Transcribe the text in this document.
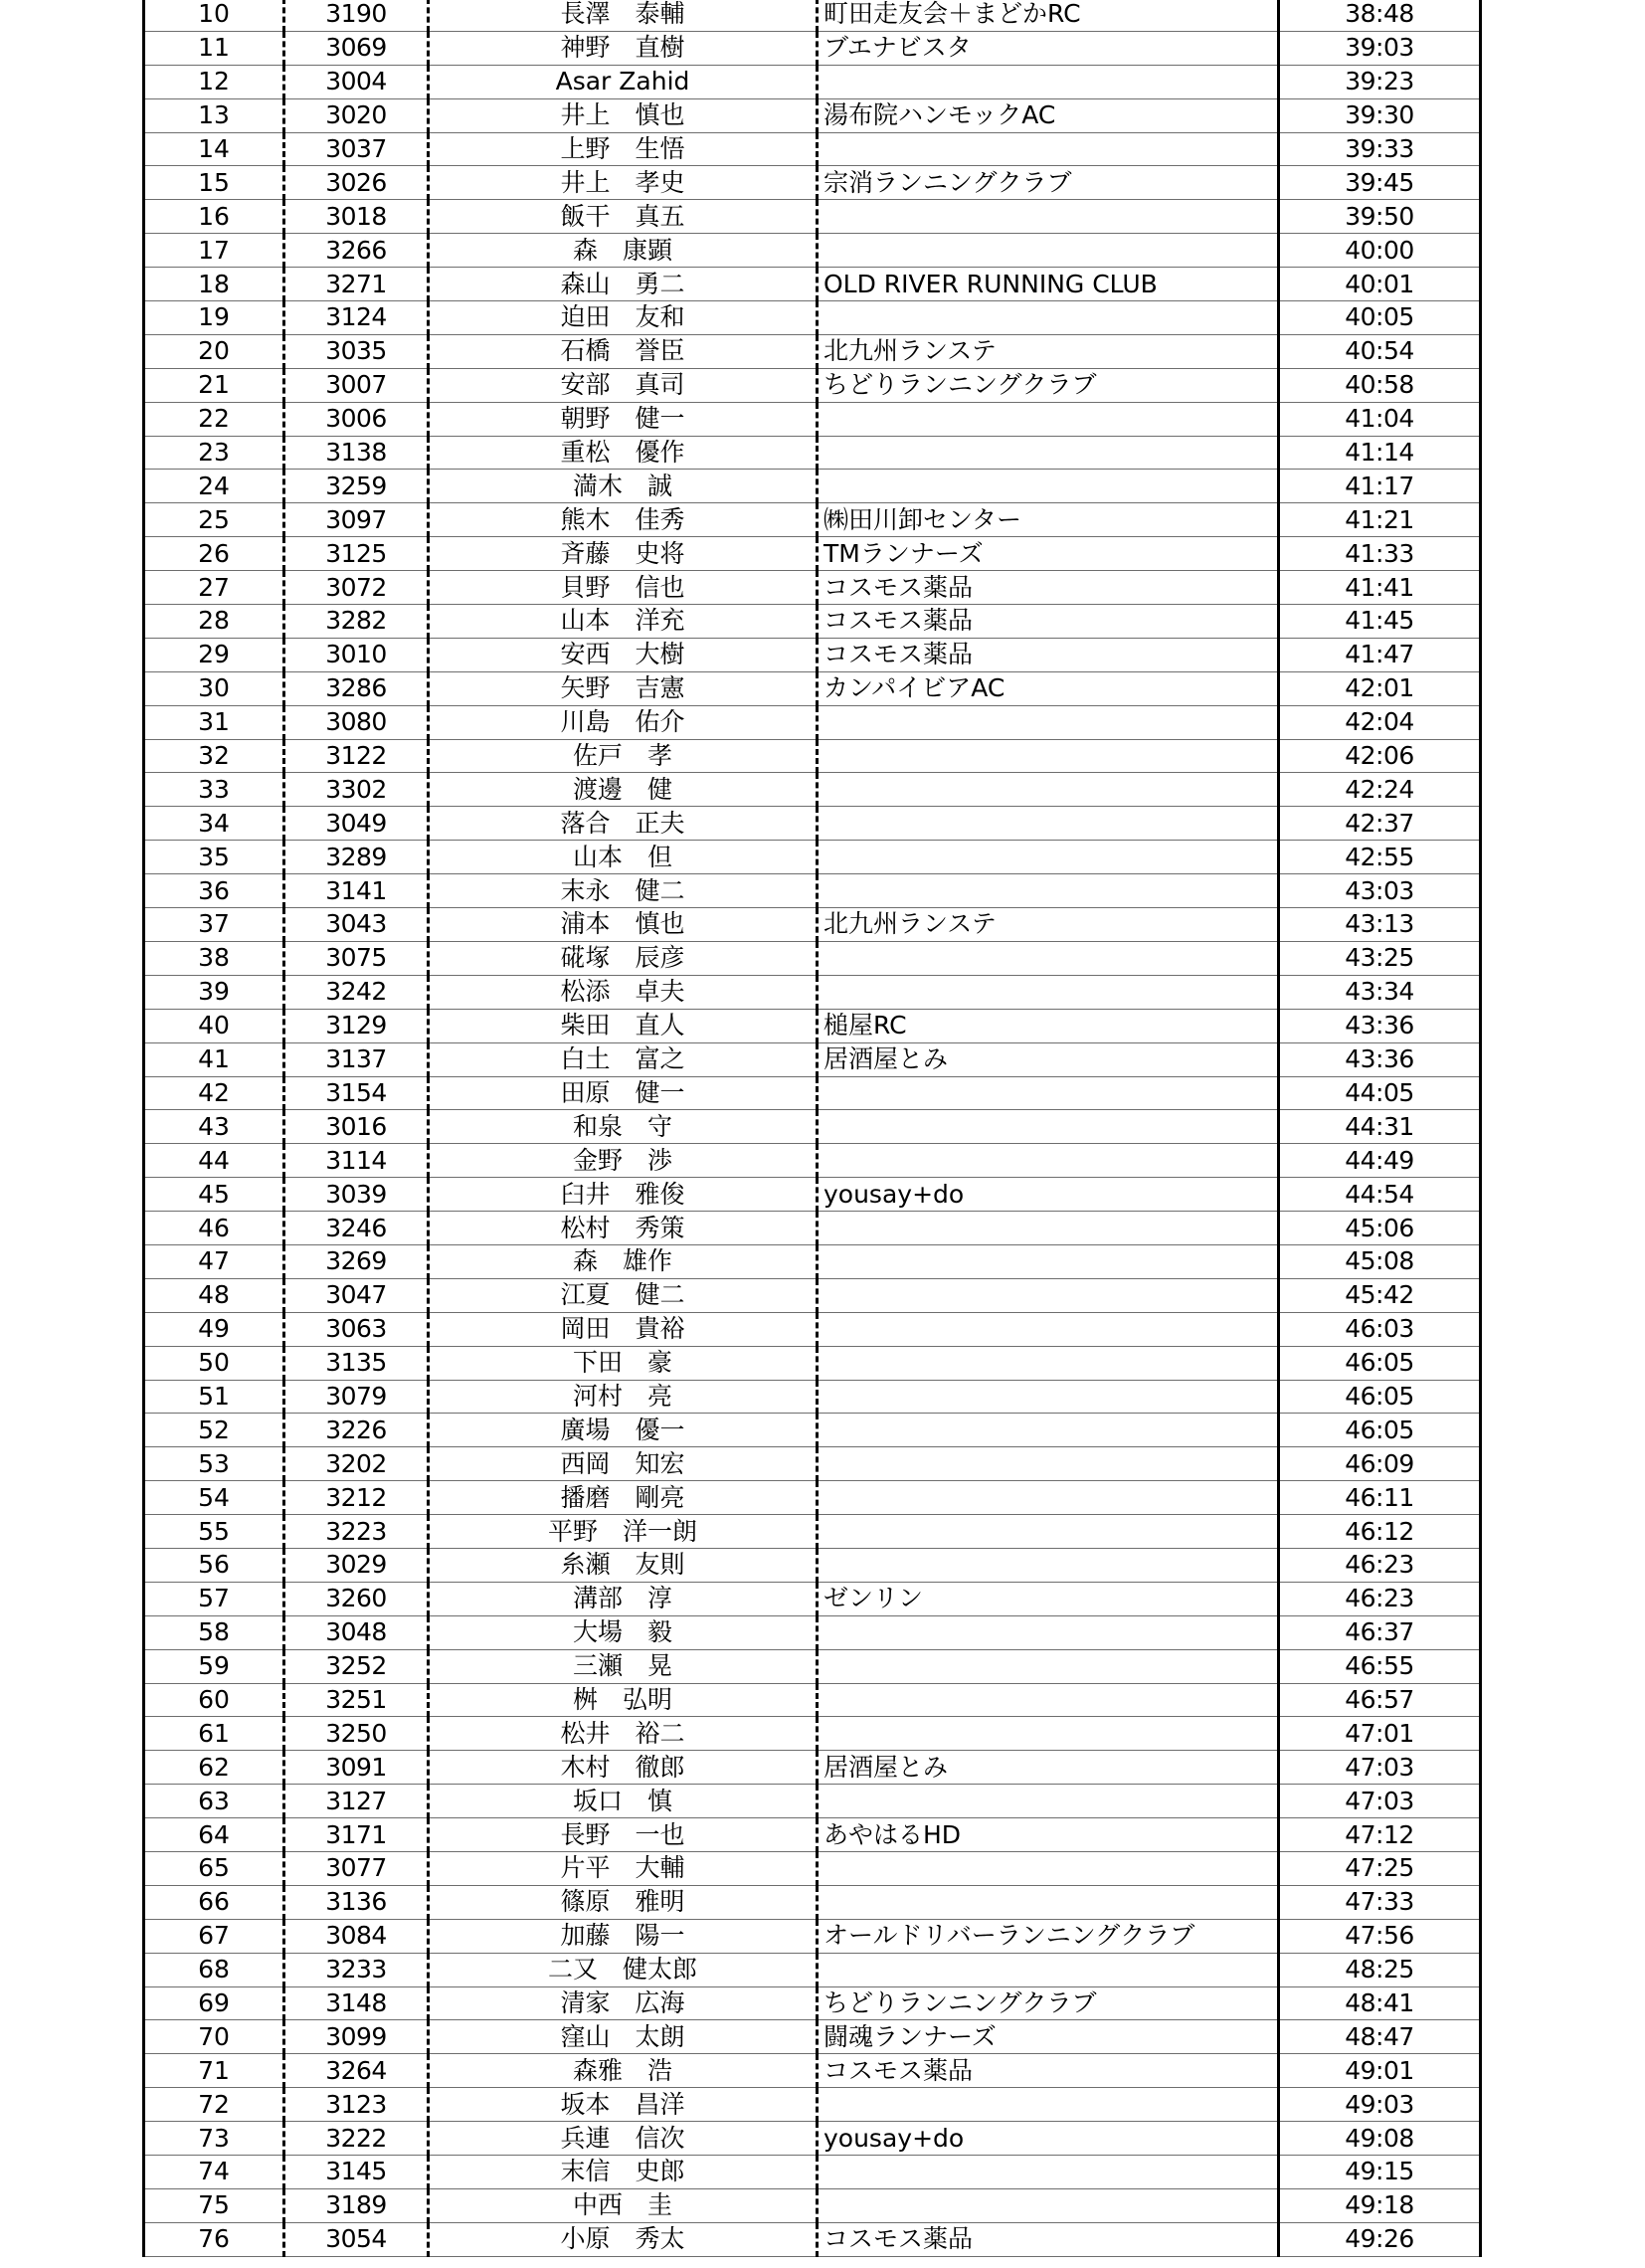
10	3190	長澤　泰輔	町田走友会＋まどかRC	38:48
11	3069	神野　直樹	ブエナビスタ	39:03
12	3004	Asar Zahid		39:23
13	3020	井上　慎也	湯布院ハンモックAC	39:30
14	3037	上野　生悟		39:33
15	3026	井上　孝史	宗消ランニングクラブ	39:45
16	3018	飯干　真五		39:50
17	3266	森　康顕		40:00
18	3271	森山　勇二	OLD RIVER RUNNING CLUB	40:01
19	3124	迫田　友和		40:05
20	3035	石橋　誉臣	北九州ランステ	40:54
21	3007	安部　真司	ちどりランニングクラブ	40:58
22	3006	朝野　健一		41:04
23	3138	重松　優作		41:14
24	3259	満木　誠		41:17
25	3097	熊木　佳秀	㈱田川卸センター	41:21
26	3125	斉藤　史将	TMランナーズ	41:33
27	3072	貝野　信也	コスモス薬品	41:41
28	3282	山本　洋充	コスモス薬品	41:45
29	3010	安西　大樹	コスモス薬品	41:47
30	3286	矢野　吉憲	カンパイビアAC	42:01
31	3080	川島　佑介		42:04
32	3122	佐戸　孝		42:06
33	3302	渡邊　健		42:24
34	3049	落合　正夫		42:37
35	3289	山本　但		42:55
36	3141	末永　健二		43:03
37	3043	浦本　慎也	北九州ランステ	43:13
38	3075	硴塚　辰彦		43:25
39	3242	松添　卓夫		43:34
40	3129	柴田　直人	槌屋RC	43:36
41	3137	白土　富之	居酒屋とみ	43:36
42	3154	田原　健一		44:05
43	3016	和泉　守		44:31
44	3114	金野　渉		44:49
45	3039	臼井　雅俊	yousay+do	44:54
46	3246	松村　秀策		45:06
47	3269	森　雄作		45:08
48	3047	江夏　健二		45:42
49	3063	岡田　貴裕		46:03
50	3135	下田　豪		46:05
51	3079	河村　亮		46:05
52	3226	廣場　優一		46:05
53	3202	西岡　知宏		46:09
54	3212	播磨　剛亮		46:11
55	3223	平野　洋一朗		46:12
56	3029	糸瀬　友則		46:23
57	3260	溝部　淳	ゼンリン	46:23
58	3048	大場　毅		46:37
59	3252	三瀬　晃		46:55
60	3251	桝　弘明		46:57
61	3250	松井　裕二		47:01
62	3091	木村　徹郎	居酒屋とみ	47:03
63	3127	坂口　慎		47:03
64	3171	長野　一也	あやはるHD	47:12
65	3077	片平　大輔		47:25
66	3136	篠原　雅明		47:33
67	3084	加藤　陽一	オールドリバーランニングクラブ	47:56
68	3233	二又　健太郎		48:25
69	3148	清家　広海	ちどりランニングクラブ	48:41
70	3099	窪山　太朗	闘魂ランナーズ	48:47
71	3264	森雅　浩	コスモス薬品	49:01
72	3123	坂本　昌洋		49:03
73	3222	兵連　信次	yousay+do	49:08
74	3145	末信　史郎		49:15
75	3189	中西　圭		49:18
76	3054	小原　秀太	コスモス薬品	49:26
